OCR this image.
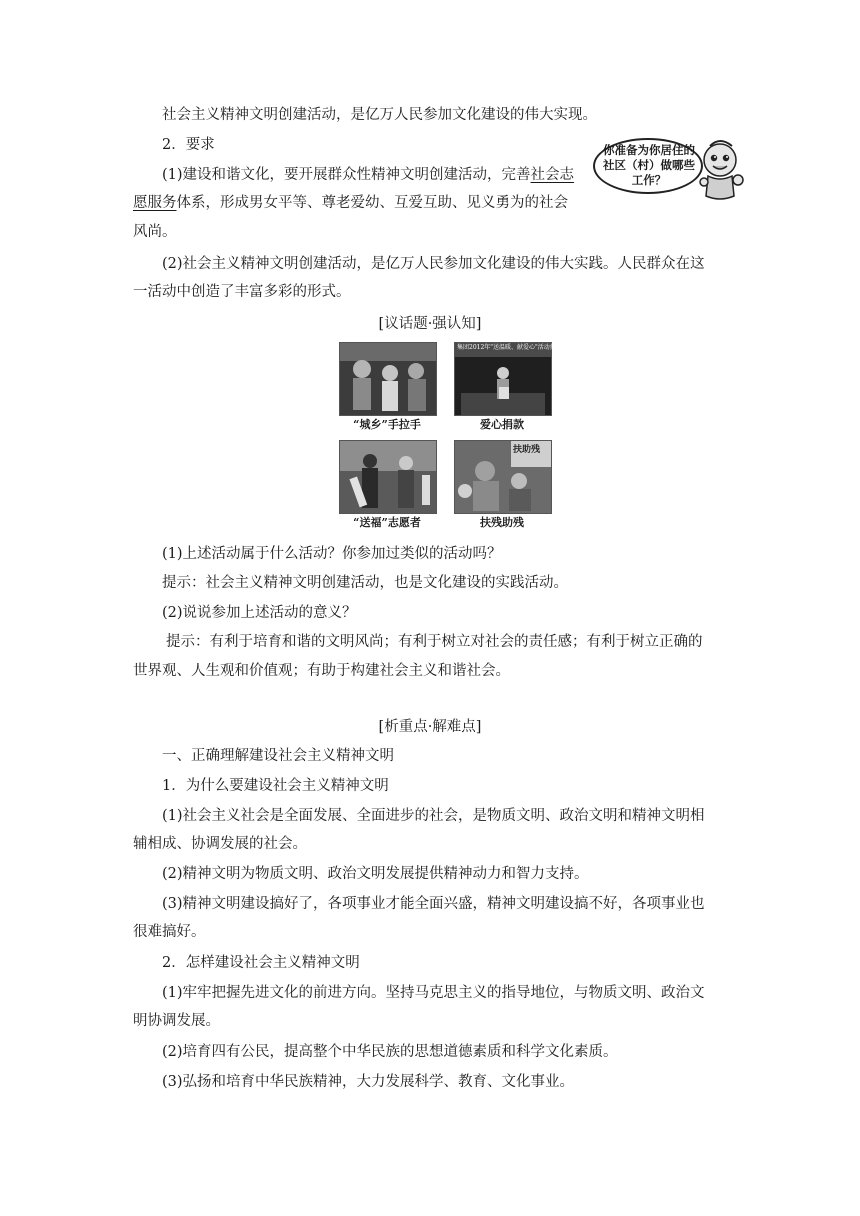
社会主义精神文明创建活动，是亿万人民参加文化建设的伟大实现。
2．要求
(1)建设和谐文化，要开展群众性精神文明创建活动，完善社会志
愿服务体系，形成男女平等、尊老爱幼、互爱互助、见义勇为的社会
风尚。
(2)社会主义精神文明创建活动，是亿万人民参加文化建设的伟大实践。人民群众在这
一活动中创造了丰富多彩的形式。
你准备为你居住的社区（村）做哪些工作？
[议话题·强认知]
“城乡”手拉手
集团2012年"送温暖、献爱心"活动捐款仪式
爱心捐款
“送福”志愿者
扶助残
扶残助残
(1)上述活动属于什么活动？你参加过类似的活动吗？
提示：社会主义精神文明创建活动，也是文化建设的实践活动。
(2)说说参加上述活动的意义？
提示：有利于培育和谐的文明风尚；有利于树立对社会的责任感；有利于树立正确的
世界观、人生观和价值观；有助于构建社会主义和谐社会。
[析重点·解难点]
一、正确理解建设社会主义精神文明
1．为什么要建设社会主义精神文明
(1)社会主义社会是全面发展、全面进步的社会，是物质文明、政治文明和精神文明相
辅相成、协调发展的社会。
(2)精神文明为物质文明、政治文明发展提供精神动力和智力支持。
(3)精神文明建设搞好了，各项事业才能全面兴盛，精神文明建设搞不好，各项事业也
很难搞好。
2．怎样建设社会主义精神文明
(1)牢牢把握先进文化的前进方向。坚持马克思主义的指导地位，与物质文明、政治文
明协调发展。
(2)培育四有公民，提高整个中华民族的思想道德素质和科学文化素质。
(3)弘扬和培育中华民族精神，大力发展科学、教育、文化事业。
